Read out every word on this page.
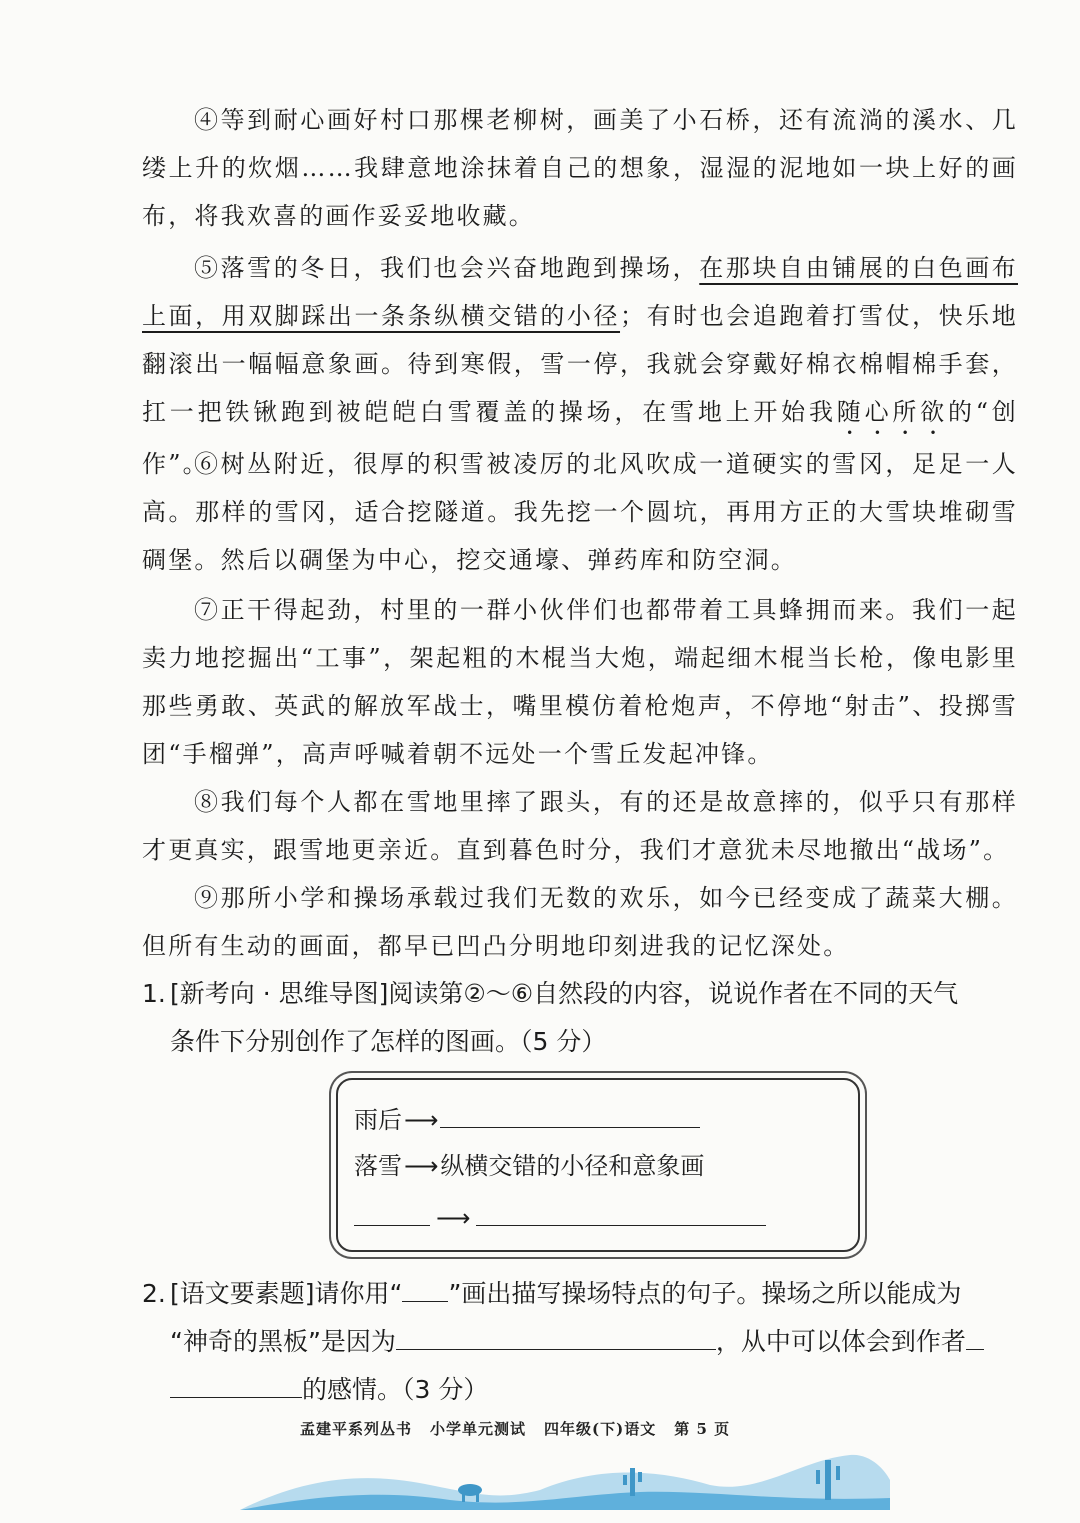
④等到耐心画好村口那棵老柳树，画美了小石桥，还有流淌的溪水、几缕上升的炊烟……我肆意地涂抹着自己的想象，湿湿的泥地如一块上好的画布，将我欢喜的画作妥妥地收藏。

⑤落雪的冬日，我们也会兴奋地跑到操场，在那块自由铺展的白色画布上面，用双脚踩出一条条纵横交错的小径；有时也会追跑着打雪仗，快乐地翻滚出一幅幅意象画。待到寒假，雪一停，我就会穿戴好棉衣棉帽棉手套，扛一把铁锹跑到被皑皑白雪覆盖的操场，在雪地上开始我随心所欲的“创作”。

⑥树丛附近，很厚的积雪被凌厉的北风吹成一道硬实的雪冈，足足一人高。那样的雪冈，适合挖隧道。我先挖一个圆坑，再用方正的大雪块堆砌雪碉堡。然后以碉堡为中心，挖交通壕、弹药库和防空洞。

⑦正干得起劲，村里的一群小伙伴们也都带着工具蜂拥而来。我们一起卖力地挖掘出“工事”，架起粗的木棍当大炮，端起细木棍当长枪，像电影里那些勇敢、英武的解放军战士，嘴里模仿着枪炮声，不停地“射击”、投掷雪团“手榴弹”，高声呼喊着朝不远处一个雪丘发起冲锋。

⑧我们每个人都在雪地里摔了跟头，有的还是故意摔的，似乎只有那样才更真实，跟雪地更亲近。直到暮色时分，我们才意犹未尽地撤出“战场”。

⑨那所小学和操场承载过我们无数的欢乐，如今已经变成了蔬菜大棚。但所有生动的画面，都早已凹凸分明地印刻进我的记忆深处。

1. [新考向 · 思维导图]阅读第②～⑥自然段的内容，说说作者在不同的天气
条件下分别创作了怎样的图画。（5 分）
雨后⟶
落雪⟶纵横交错的小径和意象画
⟶
2. [语文要素题]请你用“ ”画出描写操场特点的句子。操场之所以能成为
“神奇的黑板”是因为	，从中可以体会到作者
的感情。（3 分）
孟建平系列丛书 小学单元测试 四年级(下)语文 第 5 页
